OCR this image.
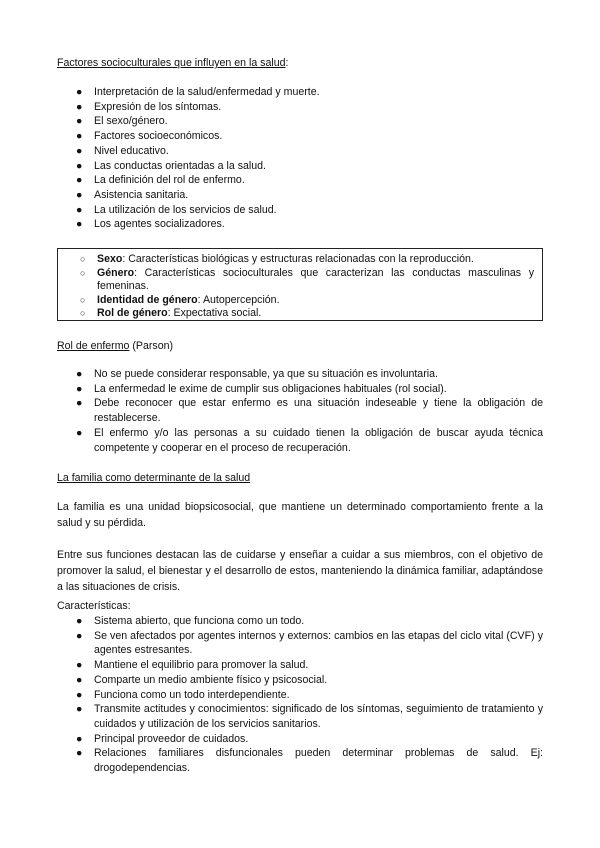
Factores socioculturales que influyen en la salud:
● Interpretación de la salud/enfermedad y muerte.
● Expresión de los síntomas.
● El sexo/género.
● Factores socioeconómicos.
● Nivel educativo.
● Las conductas orientadas a la salud.
● La definición del rol de enfermo.
● Asistencia sanitaria.
● La utilización de los servicios de salud.
● Los agentes socializadores.
○ Sexo: Características biológicas y estructuras relacionadas con la reproducción.
○ Género: Características socioculturales que caracterizan las conductas masculinas y femeninas.
○ Identidad de género: Autopercepción.
○ Rol de género: Expectativa social.
Rol de enfermo (Parson)
● No se puede considerar responsable, ya que su situación es involuntaria.
● La enfermedad le exime de cumplir sus obligaciones habituales (rol social).
● Debe reconocer que estar enfermo es una situación indeseable y tiene la obligación de restablecerse.
● El enfermo y/o las personas a su cuidado tienen la obligación de buscar ayuda técnica competente y cooperar en el proceso de recuperación.
La familia como determinante de la salud
La familia es una unidad biopsicosocial, que mantiene un determinado comportamiento frente a la salud y su pérdida.
Entre sus funciones destacan las de cuidarse y enseñar a cuidar a sus miembros, con el objetivo de promover la salud, el bienestar y el desarrollo de estos, manteniendo la dinámica familiar, adaptándose a las situaciones de crisis.
Características:
● Sistema abierto, que funciona como un todo.
● Se ven afectados por agentes internos y externos: cambios en las etapas del ciclo vital (CVF) y agentes estresantes.
● Mantiene el equilibrio para promover la salud.
● Comparte un medio ambiente físico y psicosocial.
● Funciona como un todo interdependiente.
● Transmite actitudes y conocimientos: significado de los síntomas, seguimiento de tratamiento y cuidados y utilización de los servicios sanitarios.
● Principal proveedor de cuidados.
● Relaciones familiares disfuncionales pueden determinar problemas de salud. Ej: drogodependencias.
